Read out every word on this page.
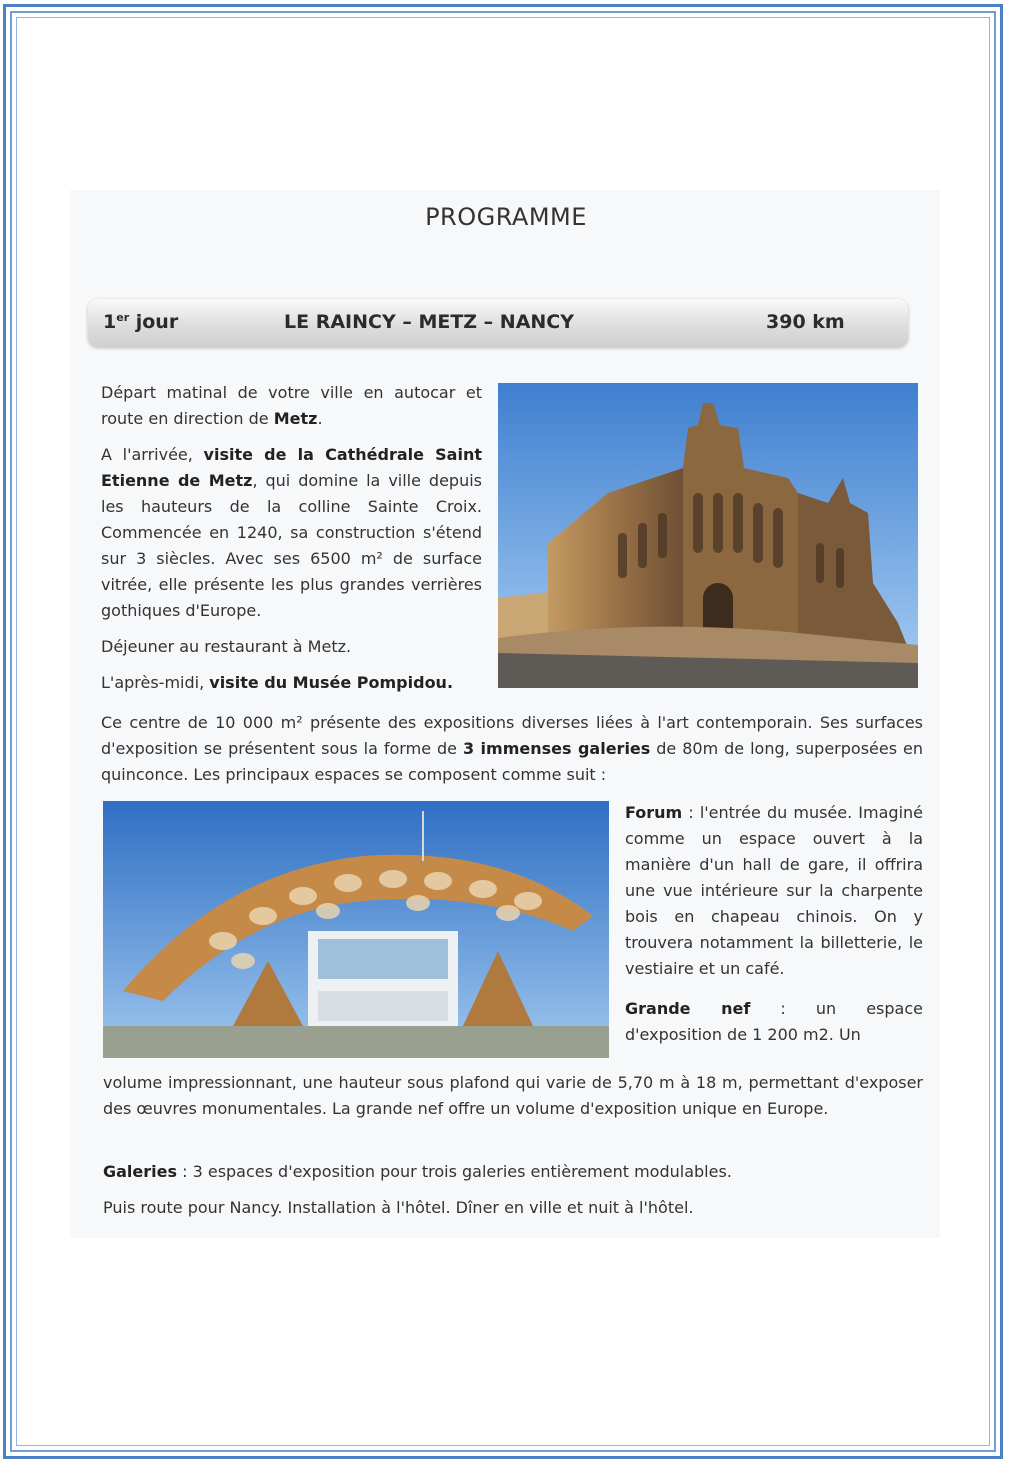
PROGRAMME
1er jour	LE RAINCY – METZ – NANCY	390 km

Départ matinal de votre ville en autocar et route en direction de Metz.

A l'arrivée, visite de la Cathédrale Saint Etienne de Metz, qui domine la ville depuis les hauteurs de la colline Sainte Croix. Commencée en 1240, sa construction s'étend sur 3 siècles. Avec ses 6500 m² de surface vitrée, elle présente les plus grandes verrières gothiques d'Europe.

Déjeuner au restaurant à Metz.

L'après-midi, visite du Musée Pompidou.

Ce centre de 10 000 m² présente des expositions diverses liées à l'art contemporain. Ses surfaces d'exposition se présentent sous la forme de 3 immenses galeries de 80m de long, superposées en quinconce. Les principaux espaces se composent comme suit :

Forum : l'entrée du musée. Imaginé comme un espace ouvert à la manière d'un hall de gare, il offrira une vue intérieure sur la charpente bois en chapeau chinois. On y trouvera notamment la billetterie, le vestiaire et un café.

Grande nef : un espace d'exposition de 1 200 m2. Un

volume impressionnant, une hauteur sous plafond qui varie de 5,70 m à 18 m, permettant d'exposer des œuvres monumentales. La grande nef offre un volume d'exposition unique en Europe.

Galeries : 3 espaces d'exposition pour trois galeries entièrement modulables.

Puis route pour Nancy. Installation à l'hôtel. Dîner en ville et nuit à l'hôtel.
